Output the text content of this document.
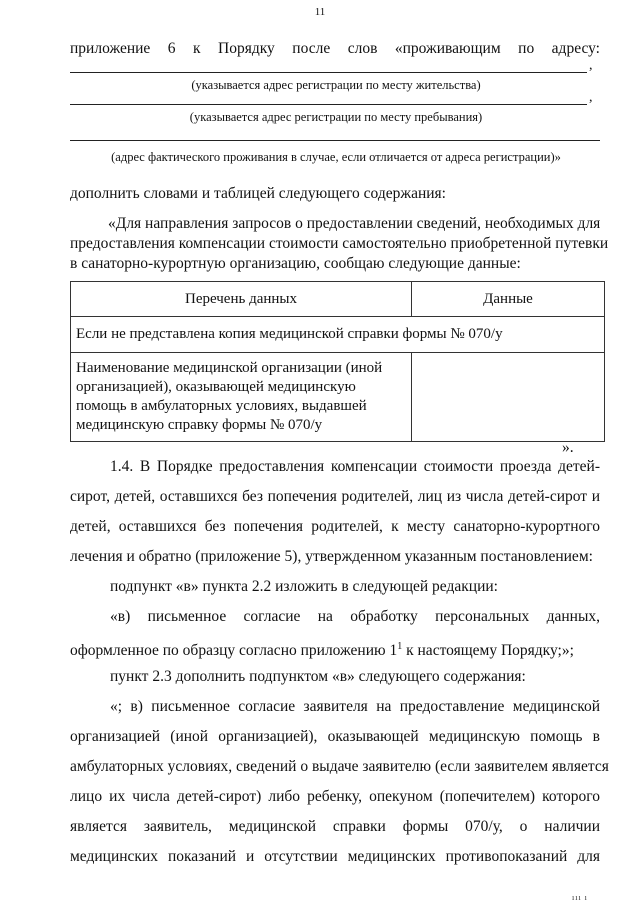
11
приложение 6 к Порядку после слов «проживающим по адресу:
,
(указывается адрес регистрации по месту жительства)
,
(указывается адрес регистрации по месту пребывания)
(адрес фактического проживания в случае, если отличается от адреса регистрации)»
дополнить словами и таблицей следующего содержания:
«Для направления запросов о предоставлении сведений, необходимых для
предоставления компенсации стоимости самостоятельно приобретенной путевки
в санаторно-курортную организацию, сообщаю следующие данные:
Перечень данных	Данные
Если не представлена копия медицинской справки формы № 070/у	
Наименование медицинской организации (иной организацией), оказывающей медицинскую помощь в амбулаторных условиях, выдавшей медицинскую справку формы № 070/у	
».
1.4. В Порядке предоставления компенсации стоимости проезда детей-
сирот, детей, оставшихся без попечения родителей, лиц из числа детей-сирот и
детей, оставшихся без попечения родителей, к месту санаторно-курортного
лечения и обратно (приложение 5), утвержденном указанным постановлением:
подпункт «в» пункта 2.2 изложить в следующей редакции:
«в) письменное согласие на обработку персональных данных,
оформленное по образцу согласно приложению $1^1$ к настоящему Порядку;»;
пункт 2.3 дополнить подпунктом «в» следующего содержания:
«; в) письменное согласие заявителя на предоставление медицинской
организацией (иной организацией), оказывающей медицинскую помощь в
амбулаторных условиях, сведений о выдаче заявителю (если заявителем является
лицо их числа детей-сирот) либо ребенку, опекуном (попечителем) которого
является заявитель, медицинской справки формы 070/у, о наличии
медицинских показаний и отсутствии медицинских противопоказаний для
ııı ı
